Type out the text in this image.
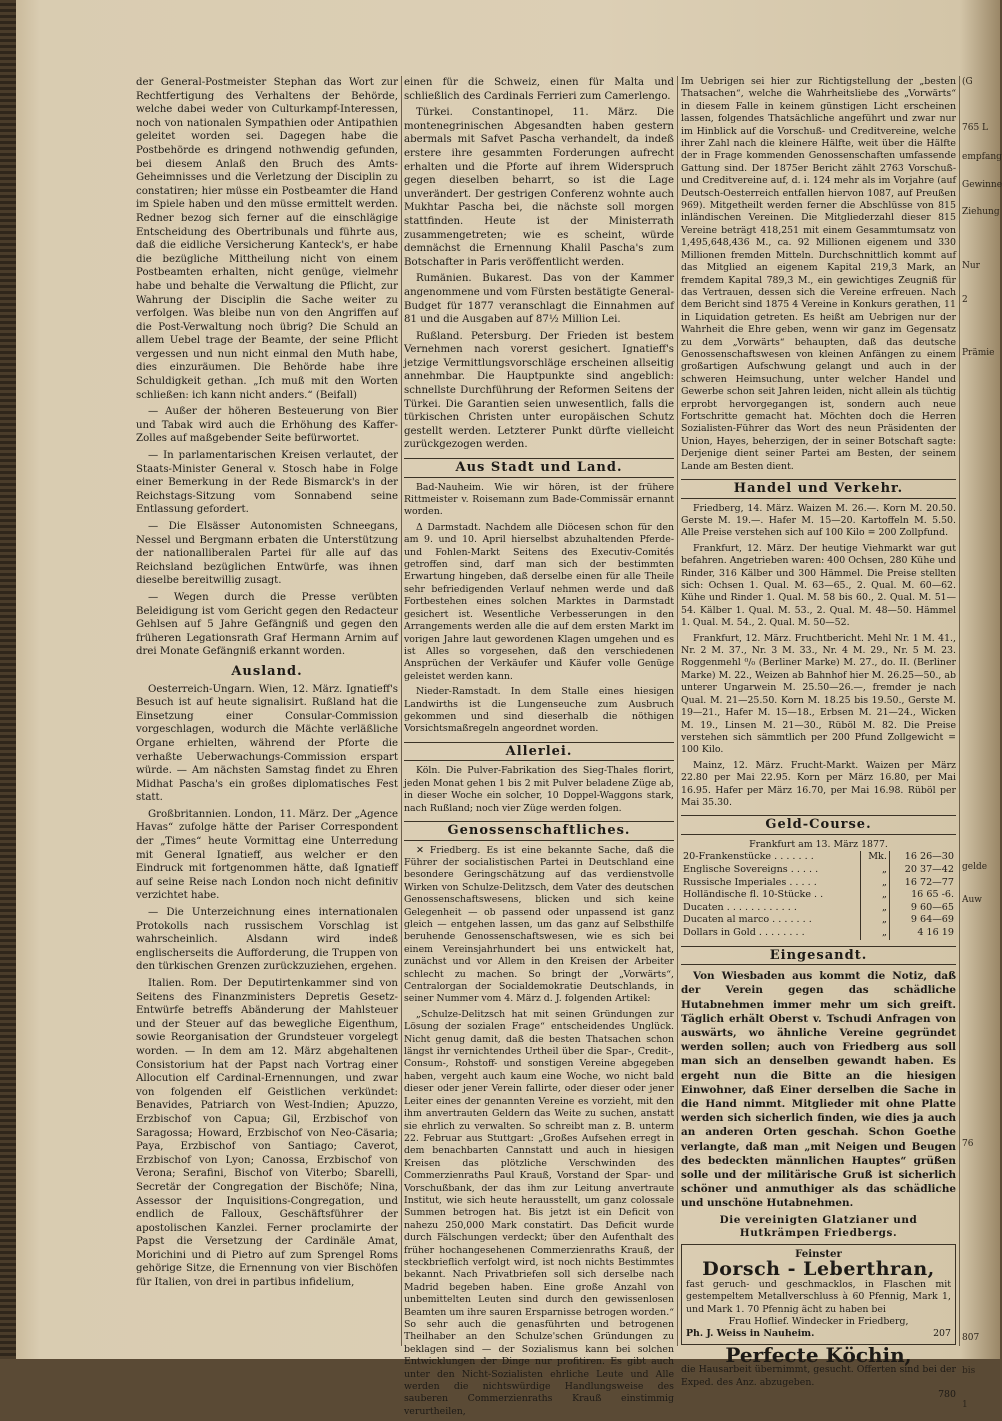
der General-Postmeister Stephan das Wort zur Rechtfertigung des Verhaltens der Behörde, welche dabei weder von Culturkampf-Interessen, noch von nationalen Sympathien oder Antipathien geleitet worden sei. Dagegen habe die Postbehörde es dringend nothwendig gefunden, bei diesem Anlaß den Bruch des Amts-Geheimnisses und die Verletzung der Disciplin zu constatiren; hier müsse ein Postbeamter die Hand im Spiele haben und den müsse ermittelt werden. Redner bezog sich ferner auf die einschlägige Entscheidung des Obertribunals und führte aus, daß die eidliche Versicherung Kanteck's, er habe die bezügliche Mittheilung nicht von einem Postbeamten erhalten, nicht genüge, vielmehr habe und behalte die Verwaltung die Pflicht, zur Wahrung der Disciplin die Sache weiter zu verfolgen. Was bleibe nun von den Angriffen auf die Post-Verwaltung noch übrig? Die Schuld an allem Uebel trage der Beamte, der seine Pflicht vergessen und nun nicht einmal den Muth habe, dies einzuräumen. Die Behörde habe ihre Schuldigkeit gethan. „Ich muß mit den Worten schließen: ich kann nicht anders.“ (Beifall)

— Außer der höheren Besteuerung von Bier und Tabak wird auch die Erhöhung des Kaffer-Zolles auf maßgebender Seite befürwortet.

— In parlamentarischen Kreisen verlautet, der Staats-Minister General v. Stosch habe in Folge einer Bemerkung in der Rede Bismarck's in der Reichstags-Sitzung vom Sonnabend seine Entlassung gefordert.

— Die Elsässer Autonomisten Schneegans, Nessel und Bergmann erbaten die Unterstützung der nationalliberalen Partei für alle auf das Reichsland bezüglichen Entwürfe, was ihnen dieselbe bereitwillig zusagt.

— Wegen durch die Presse verübten Beleidigung ist vom Gericht gegen den Redacteur Gehlsen auf 5 Jahre Gefängniß und gegen den früheren Legationsrath Graf Hermann Arnim auf drei Monate Gefängniß erkannt worden.

Ausland.

Oesterreich-Ungarn. Wien, 12. März. Ignatieff's Besuch ist auf heute signalisirt. Rußland hat die Einsetzung einer Consular-Commission vorgeschlagen, wodurch die Mächte verläßliche Organe erhielten, während der Pforte die verhaßte Ueberwachungs-Commission erspart würde. — Am nächsten Samstag findet zu Ehren Midhat Pascha's ein großes diplomatisches Fest statt.

Großbritannien. London, 11. März. Der „Agence Havas“ zufolge hätte der Pariser Correspondent der „Times“ heute Vormittag eine Unterredung mit General Ignatieff, aus welcher er den Eindruck mit fortgenommen hätte, daß Ignatieff auf seine Reise nach London noch nicht definitiv verzichtet habe.

— Die Unterzeichnung eines internationalen Protokolls nach russischem Vorschlag ist wahrscheinlich. Alsdann wird indeß englischerseits die Aufforderung, die Truppen von den türkischen Grenzen zurückzuziehen, ergehen.

Italien. Rom. Der Deputirtenkammer sind von Seitens des Finanzministers Depretis Gesetz-Entwürfe betreffs Abänderung der Mahlsteuer und der Steuer auf das bewegliche Eigenthum, sowie Reorganisation der Grundsteuer vorgelegt worden. — In dem am 12. März abgehaltenen Consistorium hat der Papst nach Vortrag einer Allocution elf Cardinal-Ernennungen, und zwar von folgenden elf Geistlichen verkündet: Benavides, Patriarch von West-Indien; Apuzzo, Erzbischof von Capua; Gil, Erzbischof von Saragossa; Howard, Erzbischof von Neo-Cäsaria; Paya, Erzbischof von Santiago; Caverot, Erzbischof von Lyon; Canossa, Erzbischof von Verona; Serafini, Bischof von Viterbo; Sbarelli, Secretär der Congregation der Bischöfe; Nina, Assessor der Inquisitions-Congregation, und endlich de Falloux, Geschäftsführer der apostolischen Kanzlei. Ferner proclamirte der Papst die Versetzung der Cardinäle Amat, Morichini und di Pietro auf zum Sprengel Roms gehörige Sitze, die Ernennung von vier Bischöfen für Italien, von drei in partibus infidelium,

einen für die Schweiz, einen für Malta und schließlich des Cardinals Ferrieri zum Camerlengo.

Türkei. Constantinopel, 11. März. Die montenegrinischen Abgesandten haben gestern abermals mit Safvet Pascha verhandelt, da indeß erstere ihre gesammten Forderungen aufrecht erhalten und die Pforte auf ihrem Widerspruch gegen dieselben beharrt, so ist die Lage unverändert. Der gestrigen Conferenz wohnte auch Mukhtar Pascha bei, die nächste soll morgen stattfinden. Heute ist der Ministerrath zusammengetreten; wie es scheint, würde demnächst die Ernennung Khalil Pascha's zum Botschafter in Paris veröffentlicht werden.

Rumänien. Bukarest. Das von der Kammer angenommene und vom Fürsten bestätigte General-Budget für 1877 veranschlagt die Einnahmen auf 81 und die Ausgaben auf 87½ Million Lei.

Rußland. Petersburg. Der Frieden ist bestem Vernehmen nach vorerst gesichert. Ignatieff's jetzige Vermittlungsvorschläge erscheinen allseitig annehmbar. Die Hauptpunkte sind angeblich: schnellste Durchführung der Reformen Seitens der Türkei. Die Garantien seien unwesentlich, falls die türkischen Christen unter europäischen Schutz gestellt werden. Letzterer Punkt dürfte vielleicht zurückgezogen werden.

Aus Stadt und Land.

Bad-Nauheim. Wie wir hören, ist der frühere Rittmeister v. Roisemann zum Bade-Commissär ernannt worden.

Δ Darmstadt. Nachdem alle Diöcesen schon für den am 9. und 10. April hierselbst abzuhaltenden Pferde- und Fohlen-Markt Seitens des Executiv-Comités getroffen sind, darf man sich der bestimmten Erwartung hingeben, daß derselbe einen für alle Theile sehr befriedigenden Verlauf nehmen werde und daß Fortbestehen eines solchen Marktes in Darmstadt gesichert ist. Wesentliche Verbesserungen in den Arrangements werden alle die auf dem ersten Markt im vorigen Jahre laut gewordenen Klagen umgehen und es ist Alles so vorgesehen, daß den verschiedenen Ansprüchen der Verkäufer und Käufer volle Genüge geleistet werden kann.

Nieder-Ramstadt. In dem Stalle eines hiesigen Landwirths ist die Lungenseuche zum Ausbruch gekommen und sind dieserhalb die nöthigen Vorsichtsmaßregeln angeordnet worden.

Allerlei.

Köln. Die Pulver-Fabrikation des Sieg-Thales florirt, jeden Monat gehen 1 bis 2 mit Pulver beladene Züge ab, in dieser Woche ein solcher, 10 Doppel-Waggons stark, nach Rußland; noch vier Züge werden folgen.

Genossenschaftliches.

✕ Friedberg. Es ist eine bekannte Sache, daß die Führer der socialistischen Partei in Deutschland eine besondere Geringschätzung auf das verdienstvolle Wirken von Schulze-Delitzsch, dem Vater des deutschen Genossenschaftswesens, blicken und sich keine Gelegenheit — ob passend oder unpassend ist ganz gleich — entgehen lassen, um das ganz auf Selbsthilfe beruhende Genossenschaftswesen, wie es sich bei einem Vereinsjahrhundert bei uns entwickelt hat, zunächst und vor Allem in den Kreisen der Arbeiter schlecht zu machen. So bringt der „Vorwärts“, Centralorgan der Socialdemokratie Deutschlands, in seiner Nummer vom 4. März d. J. folgenden Artikel:

„Schulze-Delitzsch hat mit seinen Gründungen zur Lösung der sozialen Frage“ entscheidendes Unglück. Nicht genug damit, daß die besten Thatsachen schon längst ihr vernichtendes Urtheil über die Spar-, Credit-, Consum-, Rohstoff- und sonstigen Vereine abgegeben haben, vergeht auch kaum eine Woche, wo nicht bald dieser oder jener Verein fallirte, oder dieser oder jener Leiter eines der genannten Vereine es vorzieht, mit den ihm anvertrauten Geldern das Weite zu suchen, anstatt sie ehrlich zu verwalten. So schreibt man z. B. unterm 22. Februar aus Stuttgart: „Großes Aufsehen erregt in dem benachbarten Cannstatt und auch in hiesigen Kreisen das plötzliche Verschwinden des Commerzienraths Paul Krauß, Vorstand der Spar- und Vorschußbank, der das ihm zur Leitung anvertraute Institut, wie sich heute herausstellt, um ganz colossale Summen betrogen hat. Bis jetzt ist ein Deficit von nahezu 250,000 Mark constatirt. Das Deficit wurde durch Fälschungen verdeckt; über den Aufenthalt des früher hochangesehenen Commerzienraths Krauß, der steckbrieflich verfolgt wird, ist noch nichts Bestimmtes bekannt. Nach Privatbriefen soll sich derselbe nach Madrid begeben haben. Eine große Anzahl von unbemittelten Leuten sind durch den gewissenlosen Beamten um ihre sauren Ersparnisse betrogen worden.“ So sehr auch die genasführten und betrogenen Theilhaber an den Schulze'schen Gründungen zu beklagen sind — der Sozialismus kann bei solchen Entwicklungen der Dinge nur profitiren. Es gibt auch unter den Nicht-Sozialisten ehrliche Leute und Alle werden die nichtswürdige Handlungsweise des sauberen Commerzienraths Krauß einstimmig verurtheilen,

Im Uebrigen sei hier zur Richtigstellung der „besten Thatsachen“, welche die Wahrheitsliebe des „Vorwärts“ in diesem Falle in keinem günstigen Licht erscheinen lassen, folgendes Thatsächliche angeführt und zwar nur im Hinblick auf die Vorschuß- und Creditvereine, welche ihrer Zahl nach die kleinere Hälfte, weit über die Hälfte der in Frage kommenden Genossenschaften umfassende Gattung sind. Der 1875er Bericht zählt 2763 Vorschuß- und Creditvereine auf, d. i. 124 mehr als im Vorjahre (auf Deutsch-Oesterreich entfallen hiervon 1087, auf Preußen 969). Mitgetheilt werden ferner die Abschlüsse von 815 inländischen Vereinen. Die Mitgliederzahl dieser 815 Vereine beträgt 418,251 mit einem Gesammtumsatz von 1,495,648,436 M., ca. 92 Millionen eigenem und 330 Millionen fremden Mitteln. Durchschnittlich kommt auf das Mitglied an eigenem Kapital 219,3 Mark, an fremdem Kapital 789,3 M., ein gewichtiges Zeugniß für das Vertrauen, dessen sich die Vereine erfreuen. Nach dem Bericht sind 1875 4 Vereine in Konkurs gerathen, 11 in Liquidation getreten. Es heißt am Uebrigen nur der Wahrheit die Ehre geben, wenn wir ganz im Gegensatz zu dem „Vorwärts“ behaupten, daß das deutsche Genossenschaftswesen von kleinen Anfängen zu einem großartigen Aufschwung gelangt und auch in der schweren Heimsuchung, unter welcher Handel und Gewerbe schon seit Jahren leiden, nicht allein als tüchtig erprobt hervorgegangen ist, sondern auch neue Fortschritte gemacht hat. Möchten doch die Herren Sozialisten-Führer das Wort des neun Präsidenten der Union, Hayes, beherzigen, der in seiner Botschaft sagte: Derjenige dient seiner Partei am Besten, der seinem Lande am Besten dient.

Handel und Verkehr.

Friedberg, 14. März. Waizen M. 26.—. Korn M. 20.50. Gerste M. 19.—. Hafer M. 15—20. Kartoffeln M. 5.50. Alle Preise verstehen sich auf 100 Kilo = 200 Zollpfund.

Frankfurt, 12. März. Der heutige Viehmarkt war gut befahren. Angetrieben waren: 400 Ochsen, 280 Kühe und Rinder, 316 Kälber und 300 Hämmel. Die Preise stellten sich: Ochsen 1. Qual. M. 63—65., 2. Qual. M. 60—62. Kühe und Rinder 1. Qual. M. 58 bis 60., 2. Qual. M. 51—54. Kälber 1. Qual. M. 53., 2. Qual. M. 48—50. Hämmel 1. Qual. M. 54., 2. Qual. M. 50—52.

Frankfurt, 12. März. Fruchtbericht. Mehl Nr. 1 M. 41., Nr. 2 M. 37., Nr. 3 M. 33., Nr. 4 M. 29., Nr. 5 M. 23. Roggenmehl ⁰/₀ (Berliner Marke) M. 27., do. II. (Berliner Marke) M. 22., Weizen ab Bahnhof hier M. 26.25—50., ab unterer Ungarwein M. 25.50—26.—, fremder je nach Qual. M. 21—25.50. Korn M. 18.25 bis 19.50., Gerste M. 19—21., Hafer M. 15—18., Erbsen M. 21—24., Wicken M. 19., Linsen M. 21—30., Rüböl M. 82. Die Preise verstehen sich sämmtlich per 200 Pfund Zollgewicht = 100 Kilo.

Mainz, 12. März. Frucht-Markt. Waizen per März 22.80 per Mai 22.95. Korn per März 16.80, per Mai 16.95. Hafer per März 16.70, per Mai 16.98. Rüböl per Mai 35.30.

Geld-Course.
Frankfurt am 13. März 1877.
20-Frankenstücke . . . . . . .	Mk.	16 26—30
Englische Sovereigns . . . . .	„	20 37—42
Russische Imperiales . . . . .	„	16 72—77
Holländische fl. 10-Stücke . .	„	16 65 -6.
Ducaten . . . . . . . . . . . .	„	9 60—65
Ducaten al marco . . . . . . .	„	9 64—69
Dollars in Gold . . . . . . . .	„	4 16 19
Eingesandt.

Von Wiesbaden aus kommt die Notiz, daß der Verein gegen das schädliche Hutabnehmen immer mehr um sich greift. Täglich erhält Oberst v. Tschudi Anfragen von auswärts, wo ähnliche Vereine gegründet werden sollen; auch von Friedberg aus soll man sich an denselben gewandt haben. Es ergeht nun die Bitte an die hiesigen Einwohner, daß Einer derselben die Sache in die Hand nimmt. Mitglieder mit ohne Platte werden sich sicherlich finden, wie dies ja auch an anderen Orten geschah. Schon Goethe verlangte, daß man „mit Neigen und Beugen des bedeckten männlichen Hauptes“ grüßen solle und der militärische Gruß ist sicherlich schöner und anmuthiger als das schädliche und unschöne Hutabnehmen.

Die vereinigten Glatzianer und Hutkrämpen Friedbergs.
Feinster
Dorsch - Leberthran,
fast geruch- und geschmacklos, in Flaschen mit gestempeltem Metallverschluss à 60 Pfennig, Mark 1, und Mark 1. 70 Pfennig ächt zu haben bei
Frau Hoflief. Windecker in Friedberg,
Ph. J. Weiss in Nauheim.	207
Perfecte Köchin,
die Hausarbeit übernimmt, gesucht. Offerten sind bei der Exped. des Anz. abzugeben.
780
(G
765 L
empfang
Gewinne
Ziehung
Nur
2
Prämie
gelde
Auw
76
807
bis
1
